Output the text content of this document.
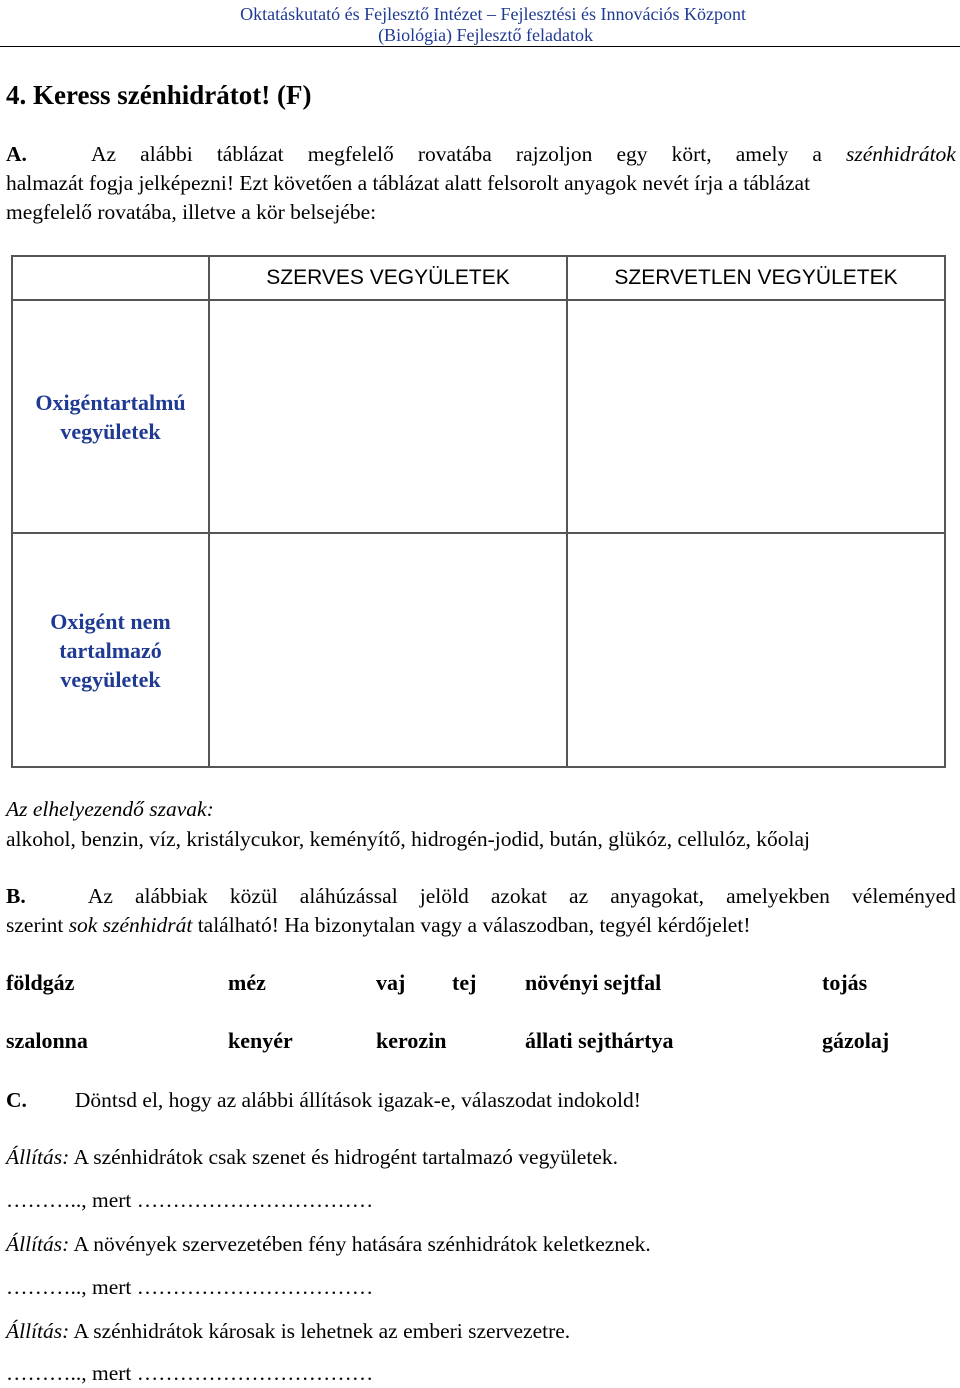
Oktatáskutató és Fejlesztő Intézet – Fejlesztési és Innovációs Központ
(Biológia) Fejlesztő feladatok
4. Keress szénhidrátot! (F)
A.	Az alábbi táblázat megfelelő rovatába rajzoljon egy kört, amely a szénhidrátok
halmazát fogja jelképezni! Ezt követően a táblázat alatt felsorolt anyagok nevét írja a táblázat
megfelelő rovatába, illetve a kör belsejébe:
	SZERVES VEGYÜLETEK	SZERVETLEN VEGYÜLETEK

Oxigéntartalmú
vegyületek		

Oxigént nem
tartalmazó
vegyületek		

Az elhelyezendő szavak:
alkohol, benzin, víz, kristálycukor, keményítő, hidrogén-jodid, bután, glükóz, cellulóz, kőolaj
B.	Az alábbiak közül aláhúzással jelöld azokat az anyagokat, amelyekben véleményed
szerint sok szénhidrát található! Ha bizonytalan vagy a válaszodban, tegyél kérdőjelet!
földgáz	méz	vaj tej növényi sejtfal	tojás
szalonna	kenyér	kerozin	állati sejthártya	gázolaj
C. Döntsd el, hogy az alábbi állítások igazak-e, válaszodat indokold!
Állítás: A szénhidrátok csak szenet és hidrogént tartalmazó vegyületek.
……….., mert ……………………………
Állítás: A növények szervezetében fény hatására szénhidrátok keletkeznek.
……….., mert ……………………………
Állítás: A szénhidrátok károsak is lehetnek az emberi szervezetre.
……….., mert ……………………………
